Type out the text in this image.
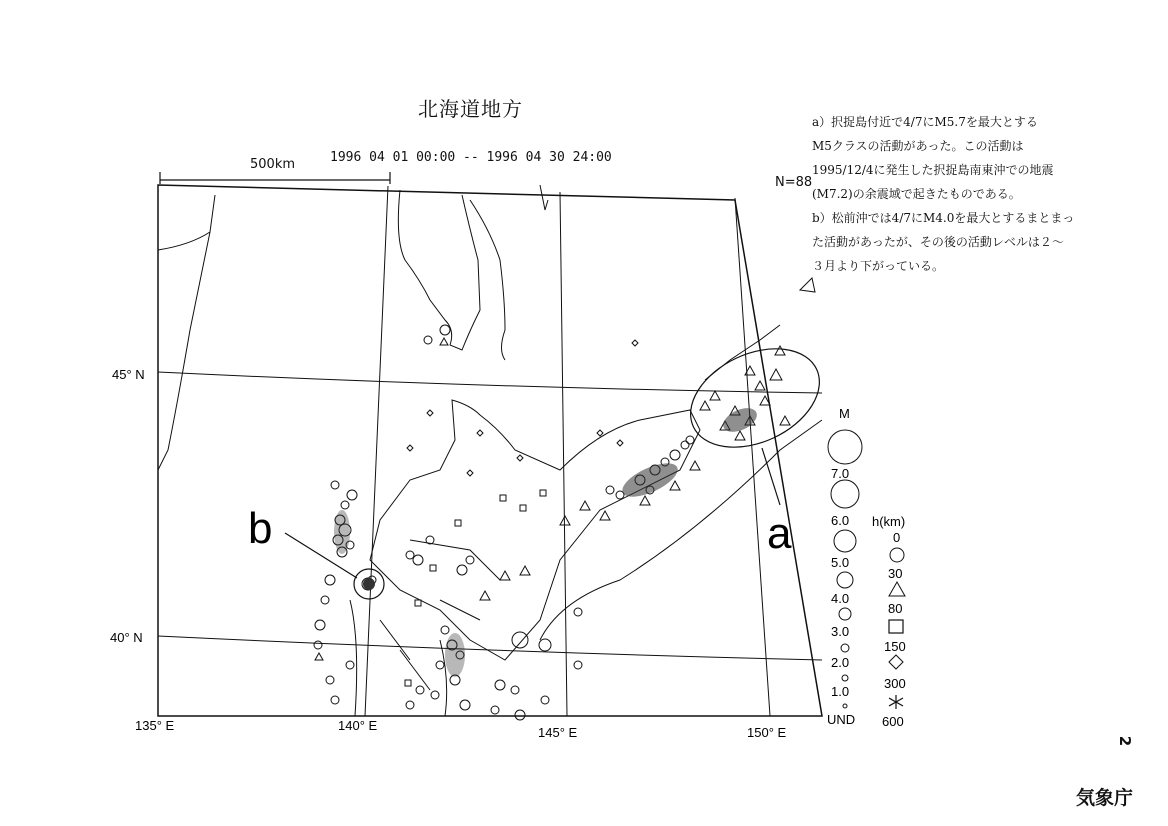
北海道地方
1996 04 01 00:00 -- 1996 04 30 24:00
500km
N=88

a）択捉島付近で4/7にM5.7を最大とする

M5クラスの活動があった。この活動は

1995/12/4に発生した択捉島南東沖での地震

(M7.2)の余震域で起きたものである。

b）松前沖では4/7にM4.0を最大とするまとまっ

た活動があったが、その後の活動レベルは２～

３月より下がっている。

2
気象庁
45° N
40° N
135° E	140° E	145° E	150° E
a
b
M
7.0
6.0
5.0
4.0
3.0
2.0
1.0
UND
h(km)
0
30
80
150
300
600
